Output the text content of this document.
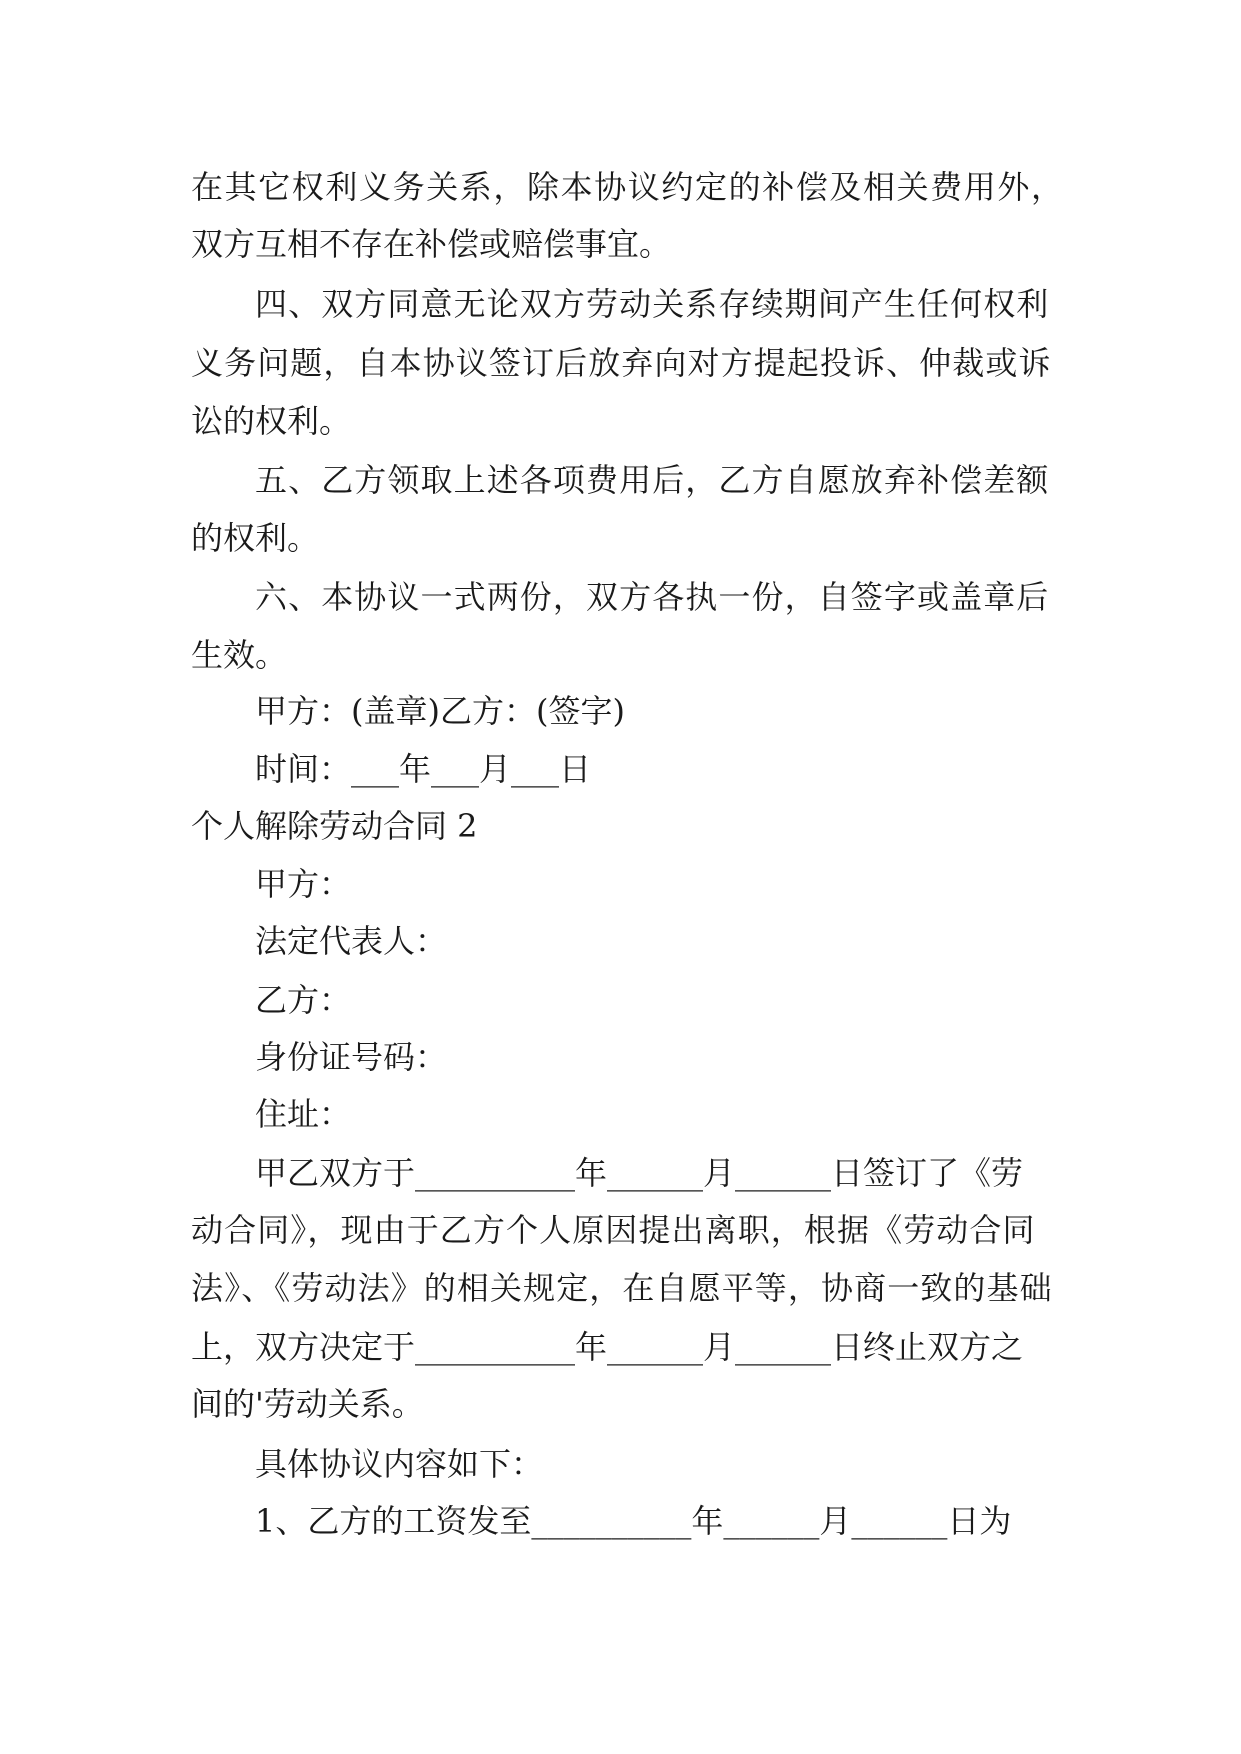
在其它权利义务关系，除本协议约定的补偿及相关费用外，
双方互相不存在补偿或赔偿事宜。
四、双方同意无论双方劳动关系存续期间产生任何权利
义务问题，自本协议签订后放弃向对方提起投诉、仲裁或诉
讼的权利。
五、乙方领取上述各项费用后，乙方自愿放弃补偿差额
的权利。
六、本协议一式两份，双方各执一份，自签字或盖章后
生效。
甲方：(盖章)乙方：(签字)
时间：___年___月___日
个人解除劳动合同 2
甲方：
法定代表人：
乙方：
身份证号码：
住址：
甲乙双方于__________年______月______日签订了《劳
动合同》，现由于乙方个人原因提出离职，根据《劳动合同
法》、《劳动法》的相关规定，在自愿平等，协商一致的基础
上，双方决定于__________年______月______日终止双方之
间的'劳动关系。
具体协议内容如下：
1、乙方的工资发至__________年______月______日为
